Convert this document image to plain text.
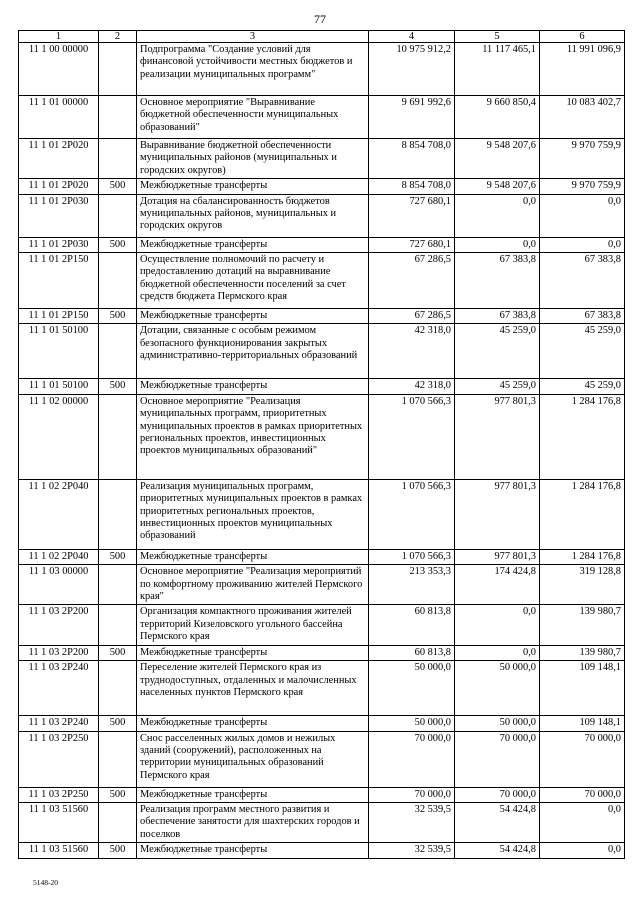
77
1	2	3	4	5	6
11 1 00 00000		Подпрограмма "Создание условий для финансовой устойчивости местных бюджетов и реализации муниципальных программ"	10 975 912,2	11 117 465,1	11 991 096,9
11 1 01 00000		Основное мероприятие "Выравнивание бюджетной обеспеченности муниципальных образований"	9 691 992,6	9 660 850,4	10 083 402,7
11 1 01 2Р020		Выравнивание бюджетной обеспеченности муниципальных районов (муниципальных и городских округов)	8 854 708,0	9 548 207,6	9 970 759,9
11 1 01 2Р020	500	Межбюджетные трансферты	8 854 708,0	9 548 207,6	9 970 759,9
11 1 01 2Р030		Дотация на сбалансированность бюджетов муниципальных районов, муниципальных и городских округов	727 680,1	0,0	0,0
11 1 01 2Р030	500	Межбюджетные трансферты	727 680,1	0,0	0,0
11 1 01 2Р150		Осуществление полномочий по расчету и предоставлению дотаций на выравнивание бюджетной обеспеченности поселений за счет средств бюджета Пермского края	67 286,5	67 383,8	67 383,8
11 1 01 2Р150	500	Межбюджетные трансферты	67 286,5	67 383,8	67 383,8
11 1 01 50100		Дотации, связанные с особым режимом безопасного функционирования закрытых административно-территориальных образований	42 318,0	45 259,0	45 259,0
11 1 01 50100	500	Межбюджетные трансферты	42 318,0	45 259,0	45 259,0
11 1 02 00000		Основное мероприятие "Реализация муниципальных программ, приоритетных муниципальных проектов в рамках приоритетных региональных проектов, инвестиционных проектов муниципальных образований"	1 070 566,3	977 801,3	1 284 176,8
11 1 02 2Р040		Реализация муниципальных программ, приоритетных муниципальных проектов в рамках приоритетных региональных проектов, инвестиционных проектов муниципальных образований	1 070 566,3	977 801,3	1 284 176,8
11 1 02 2Р040	500	Межбюджетные трансферты	1 070 566,3	977 801,3	1 284 176,8
11 1 03 00000		Основное мероприятие "Реализация мероприятий по комфортному проживанию жителей Пермского края"	213 353,3	174 424,8	319 128,8
11 1 03 2Р200		Организация компактного проживания жителей территорий Кизеловского угольного бассейна Пермского края	60 813,8	0,0	139 980,7
11 1 03 2Р200	500	Межбюджетные трансферты	60 813,8	0,0	139 980,7
11 1 03 2Р240		Переселение жителей Пермского края из труднодоступных, отдаленных и малочисленных населенных пунктов Пермского края	50 000,0	50 000,0	109 148,1
11 1 03 2Р240	500	Межбюджетные трансферты	50 000,0	50 000,0	109 148,1
11 1 03 2Р250		Снос расселенных жилых домов и нежилых зданий (сооружений), расположенных на территории муниципальных образований Пермского края	70 000,0	70 000,0	70 000,0
11 1 03 2Р250	500	Межбюджетные трансферты	70 000,0	70 000,0	70 000,0
11 1 03 51560		Реализация программ местного развития и обеспечение занятости для шахтерских городов и поселков	32 539,5	54 424,8	0,0
11 1 03 51560	500	Межбюджетные трансферты	32 539,5	54 424,8	0,0
5148-20
